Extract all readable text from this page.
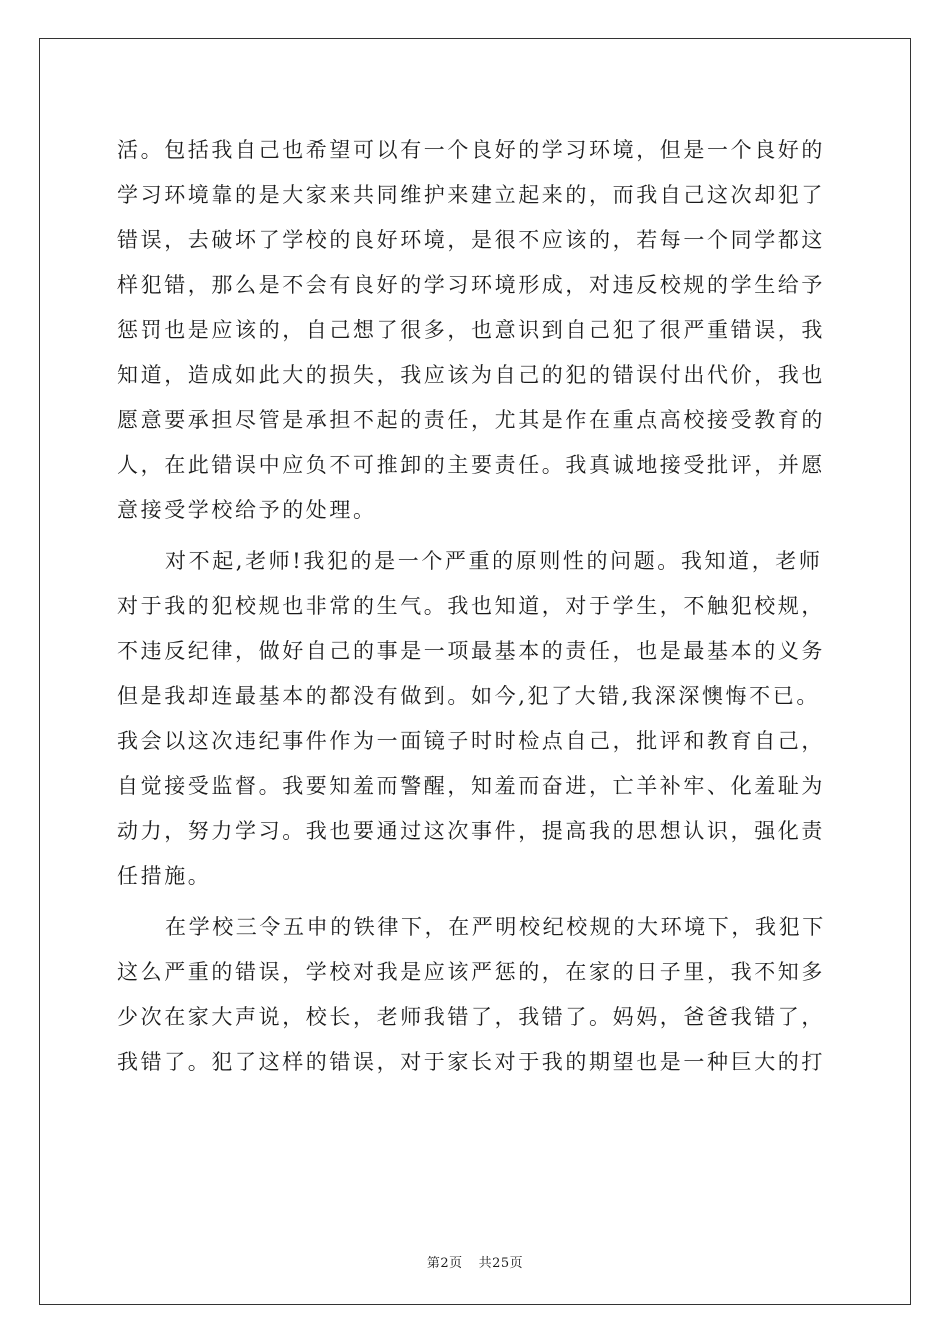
活。包括我自己也希望可以有一个良好的学习环境，但是一个良好的
学习环境靠的是大家来共同维护来建立起来的，而我自己这次却犯了
错误，去破坏了学校的良好环境，是很不应该的，若每一个同学都这
样犯错，那么是不会有良好的学习环境形成，对违反校规的学生给予
惩罚也是应该的，自己想了很多，也意识到自己犯了很严重错误，我
知道，造成如此大的损失，我应该为自己的犯的错误付出代价，我也
愿意要承担尽管是承担不起的责任，尤其是作在重点高校接受教育的
人，在此错误中应负不可推卸的主要责任。我真诚地接受批评，并愿
意接受学校给予的处理。
对不起,老师!我犯的是一个严重的原则性的问题。我知道，老师
对于我的犯校规也非常的生气。我也知道，对于学生，不触犯校规，
不违反纪律，做好自己的事是一项最基本的责任，也是最基本的义务
但是我却连最基本的都没有做到。如今,犯了大错,我深深懊悔不已。
我会以这次违纪事件作为一面镜子时时检点自己，批评和教育自己，
自觉接受监督。我要知羞而警醒，知羞而奋进，亡羊补牢、化羞耻为
动力，努力学习。我也要通过这次事件，提高我的思想认识，强化责
任措施。
在学校三令五申的铁律下，在严明校纪校规的大环境下，我犯下
这么严重的错误，学校对我是应该严惩的，在家的日子里，我不知多
少次在家大声说，校长，老师我错了，我错了。妈妈，爸爸我错了，
我错了。犯了这样的错误，对于家长对于我的期望也是一种巨大的打
第2页 共25页
